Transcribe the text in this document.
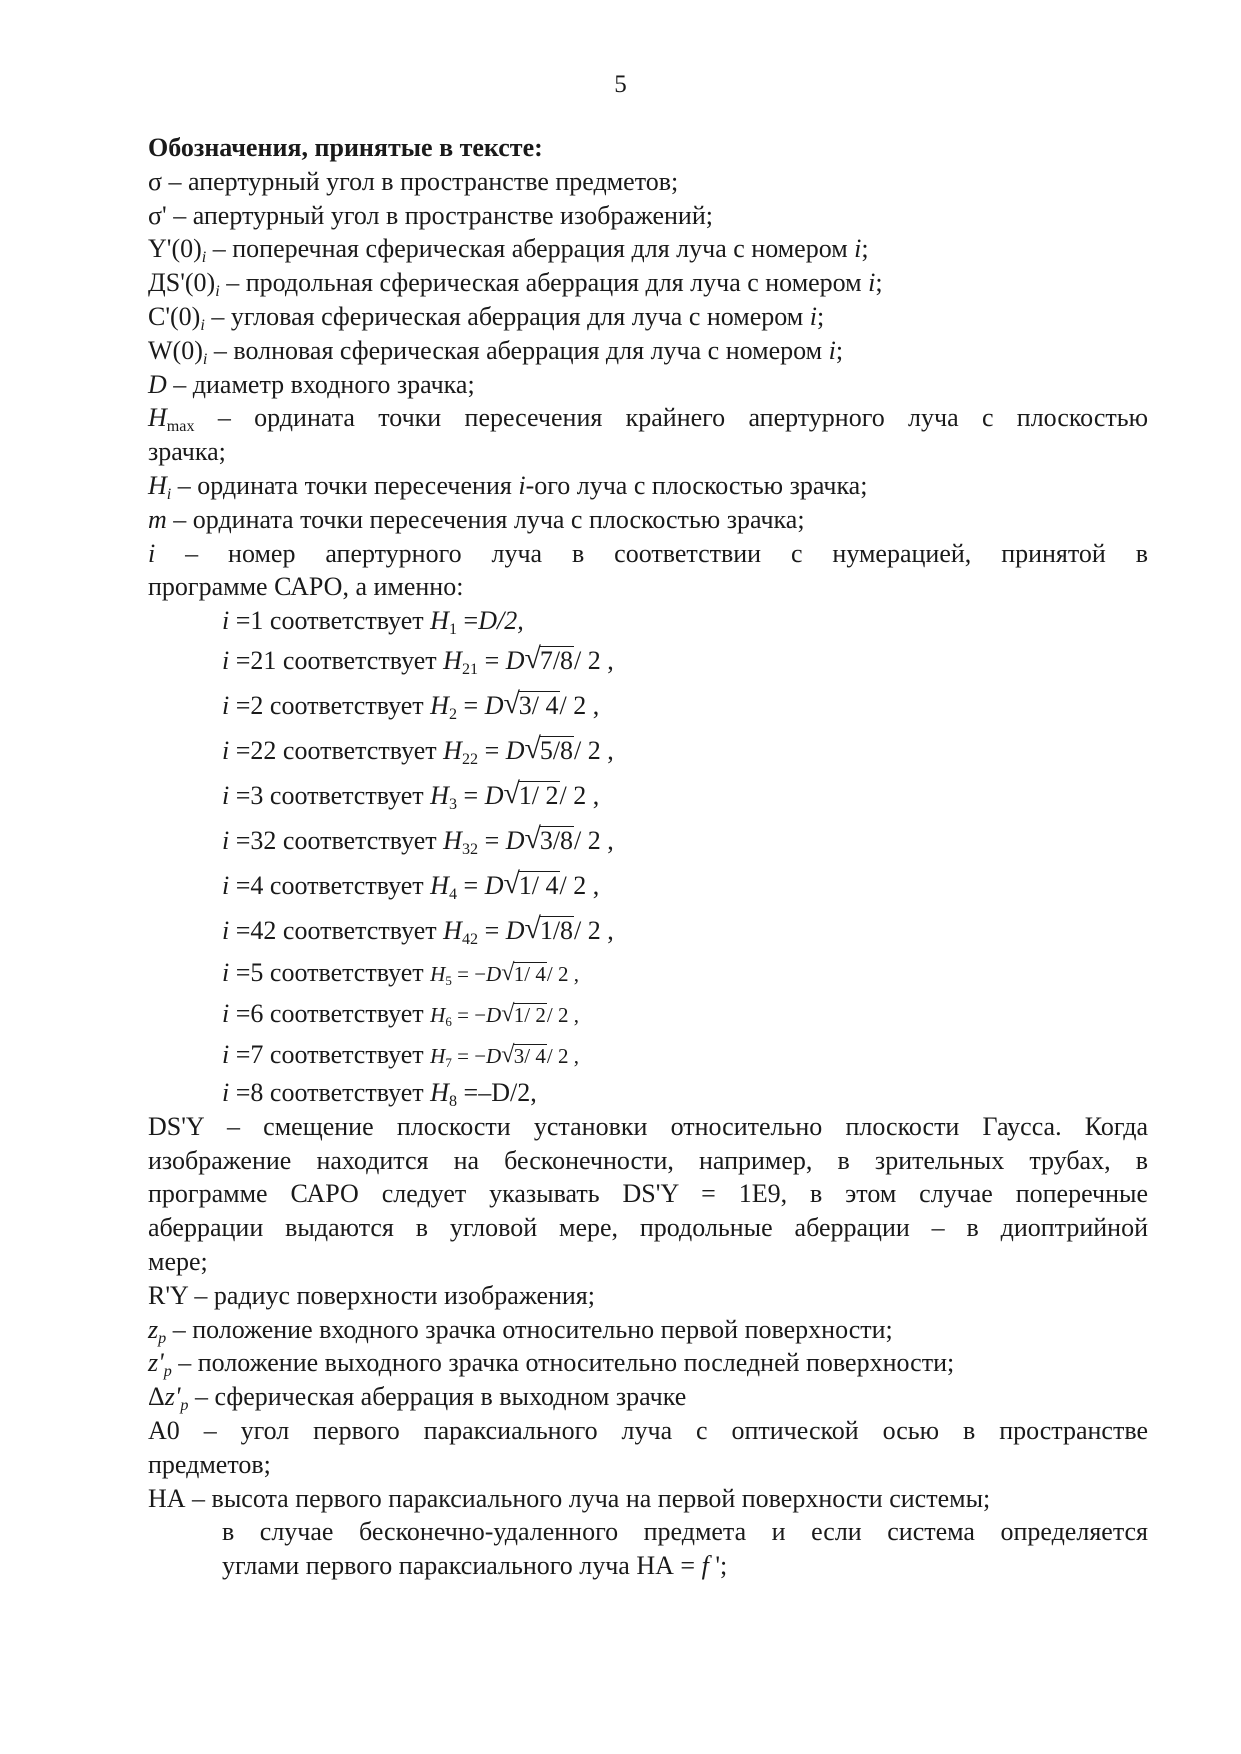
5
Обозначения, принятые в тексте:
σ – апертурный угол в пространстве предметов;
σ' – апертурный угол в пространстве изображений;
$Y'(0)_i$ – поперечная сферическая аберрация для луча с номером i;
$ДS'(0)_i$ – продольная сферическая аберрация для луча с номером i;
$C'(0)_i$ – угловая сферическая аберрация для луча с номером i;
$W(0)_i$ – волновая сферическая аберрация для луча с номером i;
D – диаметр входного зрачка;
$H_{max}$ – ордината точки пересечения крайнего апертурного луча с плоскостью
зрачка;
$H_i$ – ордината точки пересечения i-ого луча с плоскостью зрачка;
m – ордината точки пересечения луча с плоскостью зрачка;
i – номер апертурного луча в соответствии с нумерацией, принятой в
программе САРО, а именно:
i =1 соответствует $H_1 =D/2$,
i =21 соответствует $H_{21} = D√$ 7/8/ 2 ,
i =2 соответствует $H_2 = D√$ 3/ 4/ 2 ,
i =22 соответствует $H_{22} = D√$ 5/8/ 2 ,
i =3 соответствует $H_3 = D√$ 1/ 2/ 2 ,
i =32 соответствует $H_{32} = D√$ 3/8/ 2 ,
i =4 соответствует $H_4 = D√$ 1/ 4/ 2 ,
i =42 соответствует $H_{42} = D√$ 1/8/ 2 ,
i =5 соответствует $H_5 = -D√$ 1/ 4/ 2 ,
i =6 соответствует $H_6 = -D√$ 1/ 2/ 2 ,
i =7 соответствует $H_7 = -D√$ 3/ 4/ 2 ,
i =8 соответствует $H_8 =-D/2$,
DS'Y – смещение плоскости установки относительно плоскости Гаусса. Когда
изображение находится на бесконечности, например, в зрительных трубах, в
программе САРО следует указывать DS'Y = 1E9, в этом случае поперечные
аберрации выдаются в угловой мере, продольные аберрации – в диоптрийной
мере;
R'Y – радиус поверхности изображения;
$z_p$ – положение входного зрачка относительно первой поверхности;
$z'_p$ – положение выходного зрачка относительно последней поверхности;
$\Delta z'_p$ – сферическая аберрация в выходном зрачке
А0 – угол первого параксиального луча с оптической осью в пространстве
предметов;
НА – высота первого параксиального луча на первой поверхности системы;
в случае бесконечно-удаленного предмета и если система определяется
углами первого параксиального луча НА = f ';
